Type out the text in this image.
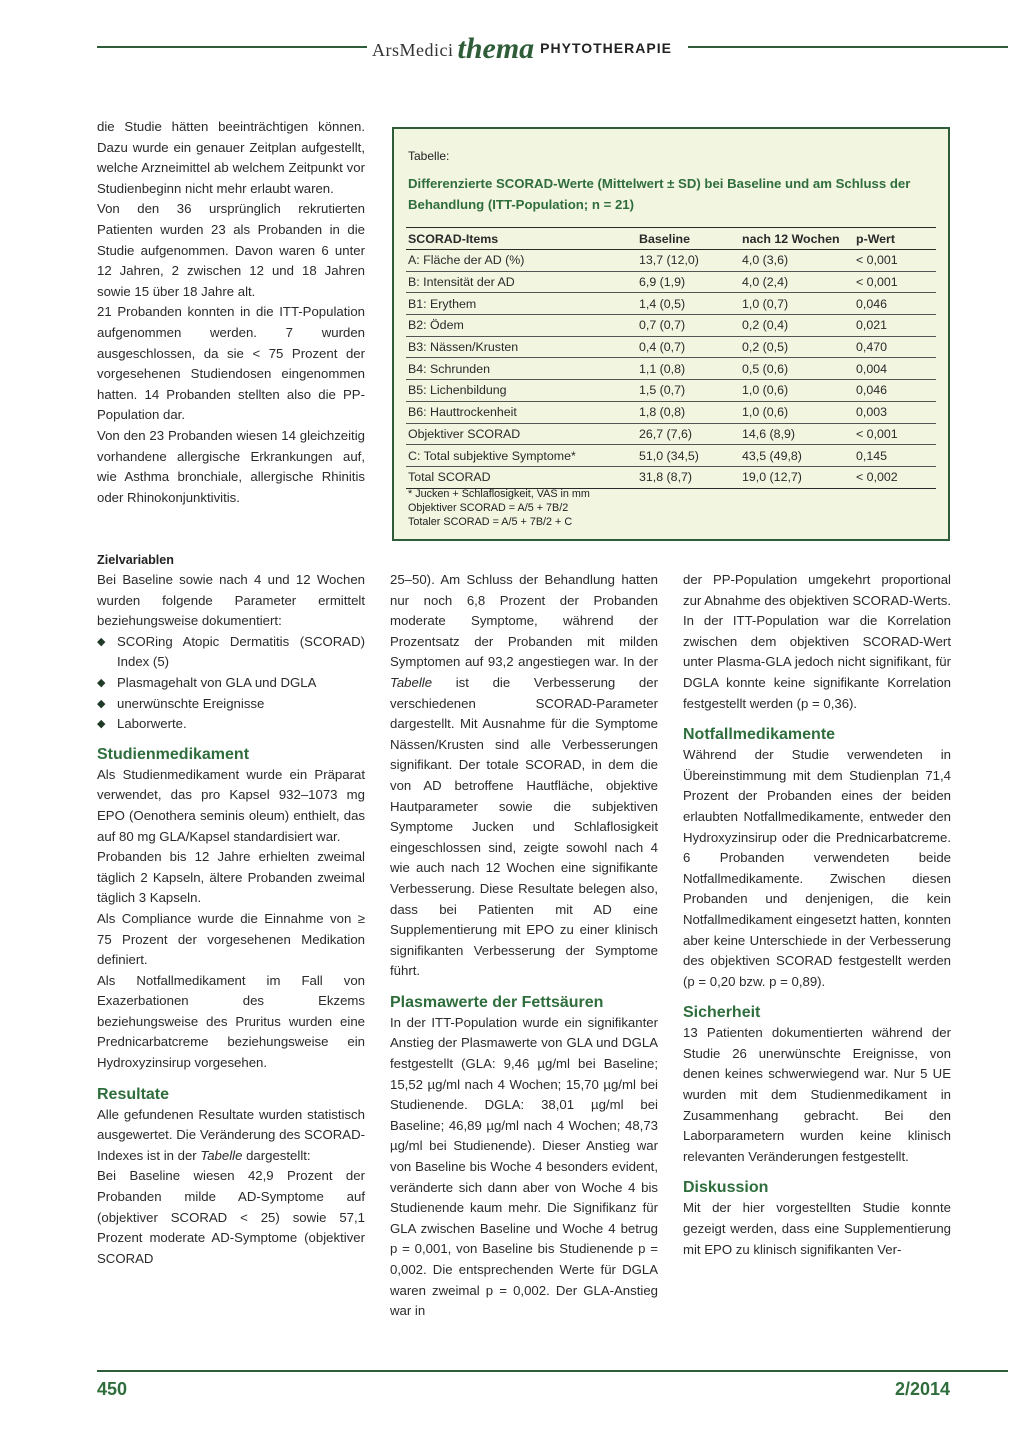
ArsMedici thema PHYTOTHERAPIE

die Studie hätten beeinträchtigen können. Dazu wurde ein genauer Zeitplan aufgestellt, welche Arzneimittel ab welchem Zeitpunkt vor Studienbeginn nicht mehr erlaubt waren.

Von den 36 ursprünglich rekrutierten Patienten wurden 23 als Probanden in die Studie aufgenommen. Davon waren 6 unter 12 Jahren, 2 zwischen 12 und 18 Jahren sowie 15 über 18 Jahre alt.

21 Probanden konnten in die ITT-Population aufgenommen werden. 7 wurden ausgeschlossen, da sie < 75 Prozent der vorgesehenen Studiendosen eingenommen hatten. 14 Probanden stellten also die PP-Population dar.

Von den 23 Probanden wiesen 14 gleichzeitig vorhandene allergische Erkrankungen auf, wie Asthma bronchiale, allergische Rhinitis oder Rhinokonjunktivitis.

Tabelle:
Differenzierte SCORAD-Werte (Mittelwert ± SD) bei Baseline und am Schluss der Behandlung (ITT-Population; n = 21)
SCORAD-Items	Baseline	nach 12 Wochen	p-Wert
A: Fläche der AD (%)	13,7 (12,0)	4,0 (3,6)	< 0,001
B: Intensität der AD	6,9 (1,9)	4,0 (2,4)	< 0,001
B1: Erythem	1,4 (0,5)	1,0 (0,7)	0,046
B2: Ödem	0,7 (0,7)	0,2 (0,4)	0,021
B3: Nässen/Krusten	0,4 (0,7)	0,2 (0,5)	0,470
B4: Schrunden	1,1 (0,8)	0,5 (0,6)	0,004
B5: Lichenbildung	1,5 (0,7)	1,0 (0,6)	0,046
B6: Hauttrockenheit	1,8 (0,8)	1,0 (0,6)	0,003
Objektiver SCORAD	26,7 (7,6)	14,6 (8,9)	< 0,001
C: Total subjektive Symptome*	51,0 (34,5)	43,5 (49,8)	0,145
Total SCORAD	31,8 (8,7)	19,0 (12,7)	< 0,002
* Jucken + Schlaflosigkeit, VAS in mm
Objektiver SCORAD = A/5 + 7B/2
Totaler SCORAD = A/5 + 7B/2 + C
Zielvariablen

Bei Baseline sowie nach 4 und 12 Wochen wurden folgende Parameter ermittelt beziehungsweise dokumentiert:

◆ SCORing Atopic Dermatitis (SCORAD) Index (5)
◆ Plasmagehalt von GLA und DGLA
◆ unerwünschte Ereignisse
◆ Laborwerte.
Studienmedikament

Als Studienmedikament wurde ein Präparat verwendet, das pro Kapsel 932–1073 mg EPO (Oenothera seminis oleum) enthielt, das auf 80 mg GLA/Kapsel standardisiert war.

Probanden bis 12 Jahre erhielten zweimal täglich 2 Kapseln, ältere Probanden zweimal täglich 3 Kapseln.

Als Compliance wurde die Einnahme von ≥ 75 Prozent der vorgesehenen Medikation definiert.

Als Notfallmedikament im Fall von Exazerbationen des Ekzems beziehungsweise des Pruritus wurden eine Prednicarbatcreme beziehungsweise ein Hydroxyzinsirup vorgesehen.

Resultate

Alle gefundenen Resultate wurden statistisch ausgewertet. Die Veränderung des SCORAD-Indexes ist in der Tabelle dargestellt:

Bei Baseline wiesen 42,9 Prozent der Probanden milde AD-Symptome auf (objektiver SCORAD < 25) sowie 57,1 Prozent moderate AD-Symptome (objektiver SCORAD

25–50). Am Schluss der Behandlung hatten nur noch 6,8 Prozent der Probanden moderate Symptome, während der Prozentsatz der Probanden mit milden Symptomen auf 93,2 angestiegen war. In der Tabelle ist die Verbesserung der verschiedenen SCORAD-Parameter dargestellt. Mit Ausnahme für die Symptome Nässen/Krusten sind alle Verbesserungen signifikant. Der totale SCORAD, in dem die von AD betroffene Hautfläche, objektive Hautparameter sowie die subjektiven Symptome Jucken und Schlaflosigkeit eingeschlossen sind, zeigte sowohl nach 4 wie auch nach 12 Wochen eine signifikante Verbesserung. Diese Resultate belegen also, dass bei Patienten mit AD eine Supplementierung mit EPO zu einer klinisch signifikanten Verbesserung der Symptome führt.

Plasmawerte der Fettsäuren

In der ITT-Population wurde ein signifikanter Anstieg der Plasmawerte von GLA und DGLA festgestellt (GLA: 9,46 µg/ml bei Baseline; 15,52 µg/ml nach 4 Wochen; 15,70 µg/ml bei Studienende. DGLA: 38,01 µg/ml bei Baseline; 46,89 µg/ml nach 4 Wochen; 48,73 µg/ml bei Studienende). Dieser Anstieg war von Baseline bis Woche 4 besonders evident, veränderte sich dann aber von Woche 4 bis Studienende kaum mehr. Die Signifikanz für GLA zwischen Baseline und Woche 4 betrug p = 0,001, von Baseline bis Studienende p = 0,002. Die entsprechenden Werte für DGLA waren zweimal p = 0,002. Der GLA-Anstieg war in

der PP-Population umgekehrt proportional zur Abnahme des objektiven SCORAD-Werts. In der ITT-Population war die Korrelation zwischen dem objektiven SCORAD-Wert unter Plasma-GLA jedoch nicht signifikant, für DGLA konnte keine signifikante Korrelation festgestellt werden (p = 0,36).

Notfallmedikamente

Während der Studie verwendeten in Übereinstimmung mit dem Studienplan 71,4 Prozent der Probanden eines der beiden erlaubten Notfallmedikamente, entweder den Hydroxyzinsirup oder die Prednicarbatcreme. 6 Probanden verwendeten beide Notfallmedikamente. Zwischen diesen Probanden und denjenigen, die kein Notfallmedikament eingesetzt hatten, konnten aber keine Unterschiede in der Verbesserung des objektiven SCORAD festgestellt werden (p = 0,20 bzw. p = 0,89).

Sicherheit

13 Patienten dokumentierten während der Studie 26 unerwünschte Ereignisse, von denen keines schwerwiegend war. Nur 5 UE wurden mit dem Studienmedikament in Zusammenhang gebracht. Bei den Laborparametern wurden keine klinisch relevanten Veränderungen festgestellt.

Diskussion

Mit der hier vorgestellten Studie konnte gezeigt werden, dass eine Supplementierung mit EPO zu klinisch signifikanten Ver-

450	2/2014
